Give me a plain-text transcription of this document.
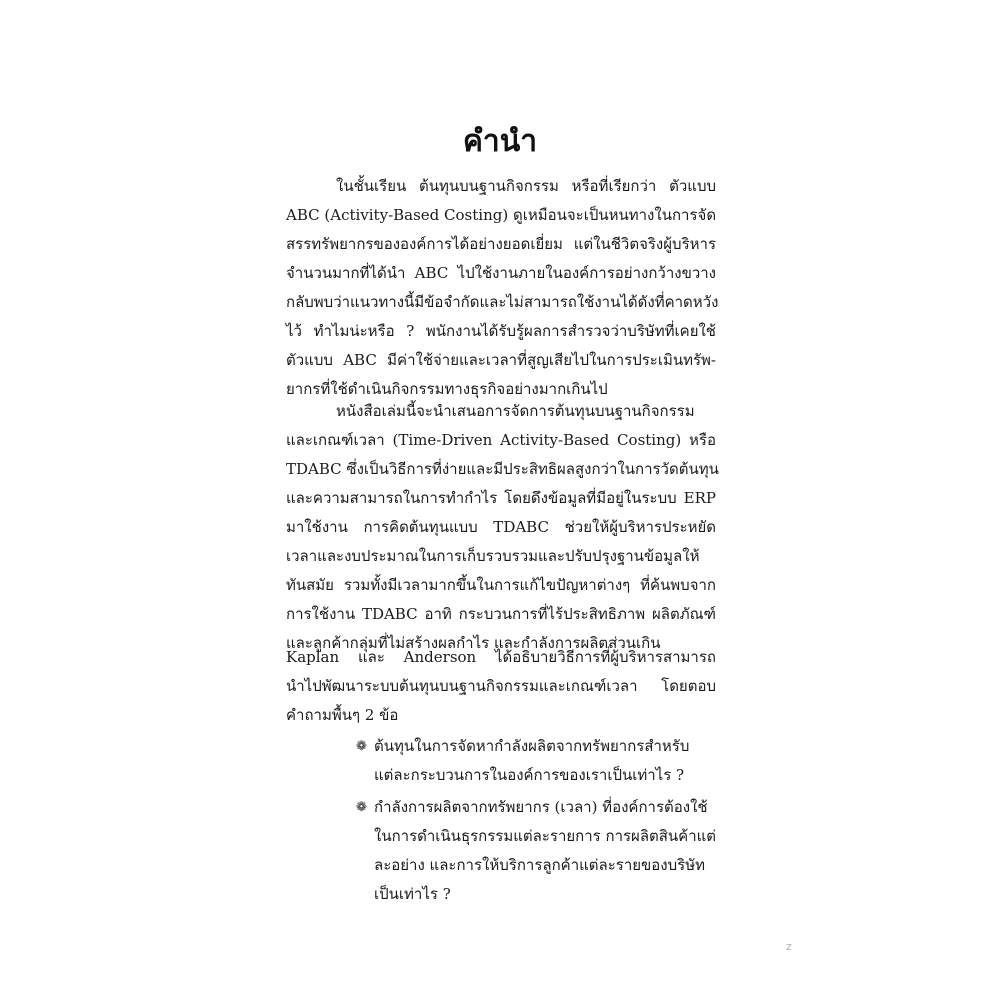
คำนำ
ในชั้นเรียน ต้นทุนบนฐานกิจกรรม หรือที่เรียกว่า ตัวแบบ
ABC (Activity-Based Costing) ดูเหมือนจะเป็นหนทางในการจัด
สรรทรัพยากรขององค์การได้อย่างยอดเยี่ยม แต่ในชีวิตจริงผู้บริหาร
จำนวนมากที่ได้นำ ABC ไปใช้งานภายในองค์การอย่างกว้างขวาง
กลับพบว่าแนวทางนี้มีข้อจำกัดและไม่สามารถใช้งานได้ดังที่คาดหวัง
ไว้ ทำไมน่ะหรือ ? พนักงานได้รับรู้ผลการสำรวจว่าบริษัทที่เคยใช้
ตัวแบบ ABC มีค่าใช้จ่ายและเวลาที่สูญเสียไปในการประเมินทรัพ-
ยากรที่ใช้ดำเนินกิจกรรมทางธุรกิจอย่างมากเกินไป
หนังสือเล่มนี้จะนำเสนอการจัดการต้นทุนบนฐานกิจกรรม
และเกณฑ์เวลา (Time-Driven Activity-Based Costing) หรือ
TDABC ซึ่งเป็นวิธีการที่ง่ายและมีประสิทธิผลสูงกว่าในการวัดต้นทุน
และความสามารถในการทำกำไร โดยดึงข้อมูลที่มีอยู่ในระบบ ERP
มาใช้งาน การคิดต้นทุนแบบ TDABC ช่วยให้ผู้บริหารประหยัด
เวลาและงบประมาณในการเก็บรวบรวมและปรับปรุงฐานข้อมูลให้
ทันสมัย รวมทั้งมีเวลามากขึ้นในการแก้ไขปัญหาต่างๆ ที่ค้นพบจาก
การใช้งาน TDABC อาทิ กระบวนการที่ไร้ประสิทธิภาพ ผลิตภัณฑ์
และลูกค้ากลุ่มที่ไม่สร้างผลกำไร และกำลังการผลิตส่วนเกิน
Kaplan และ Anderson ได้อธิบายวิธีการที่ผู้บริหารสามารถ
นำไปพัฒนาระบบต้นทุนบนฐานกิจกรรมและเกณฑ์เวลา โดยตอบ
คำถามพื้นๆ 2 ข้อ
❁ ต้นทุนในการจัดหากำลังผลิตจากทรัพยากรสำหรับ
แต่ละกระบวนการในองค์การของเราเป็นเท่าไร ?
❁ กำลังการผลิตจากทรัพยากร (เวลา) ที่องค์การต้องใช้
ในการดำเนินธุรกรรมแต่ละรายการ การผลิตสินค้าแต่
ละอย่าง และการให้บริการลูกค้าแต่ละรายของบริษัท
เป็นเท่าไร ?
z
